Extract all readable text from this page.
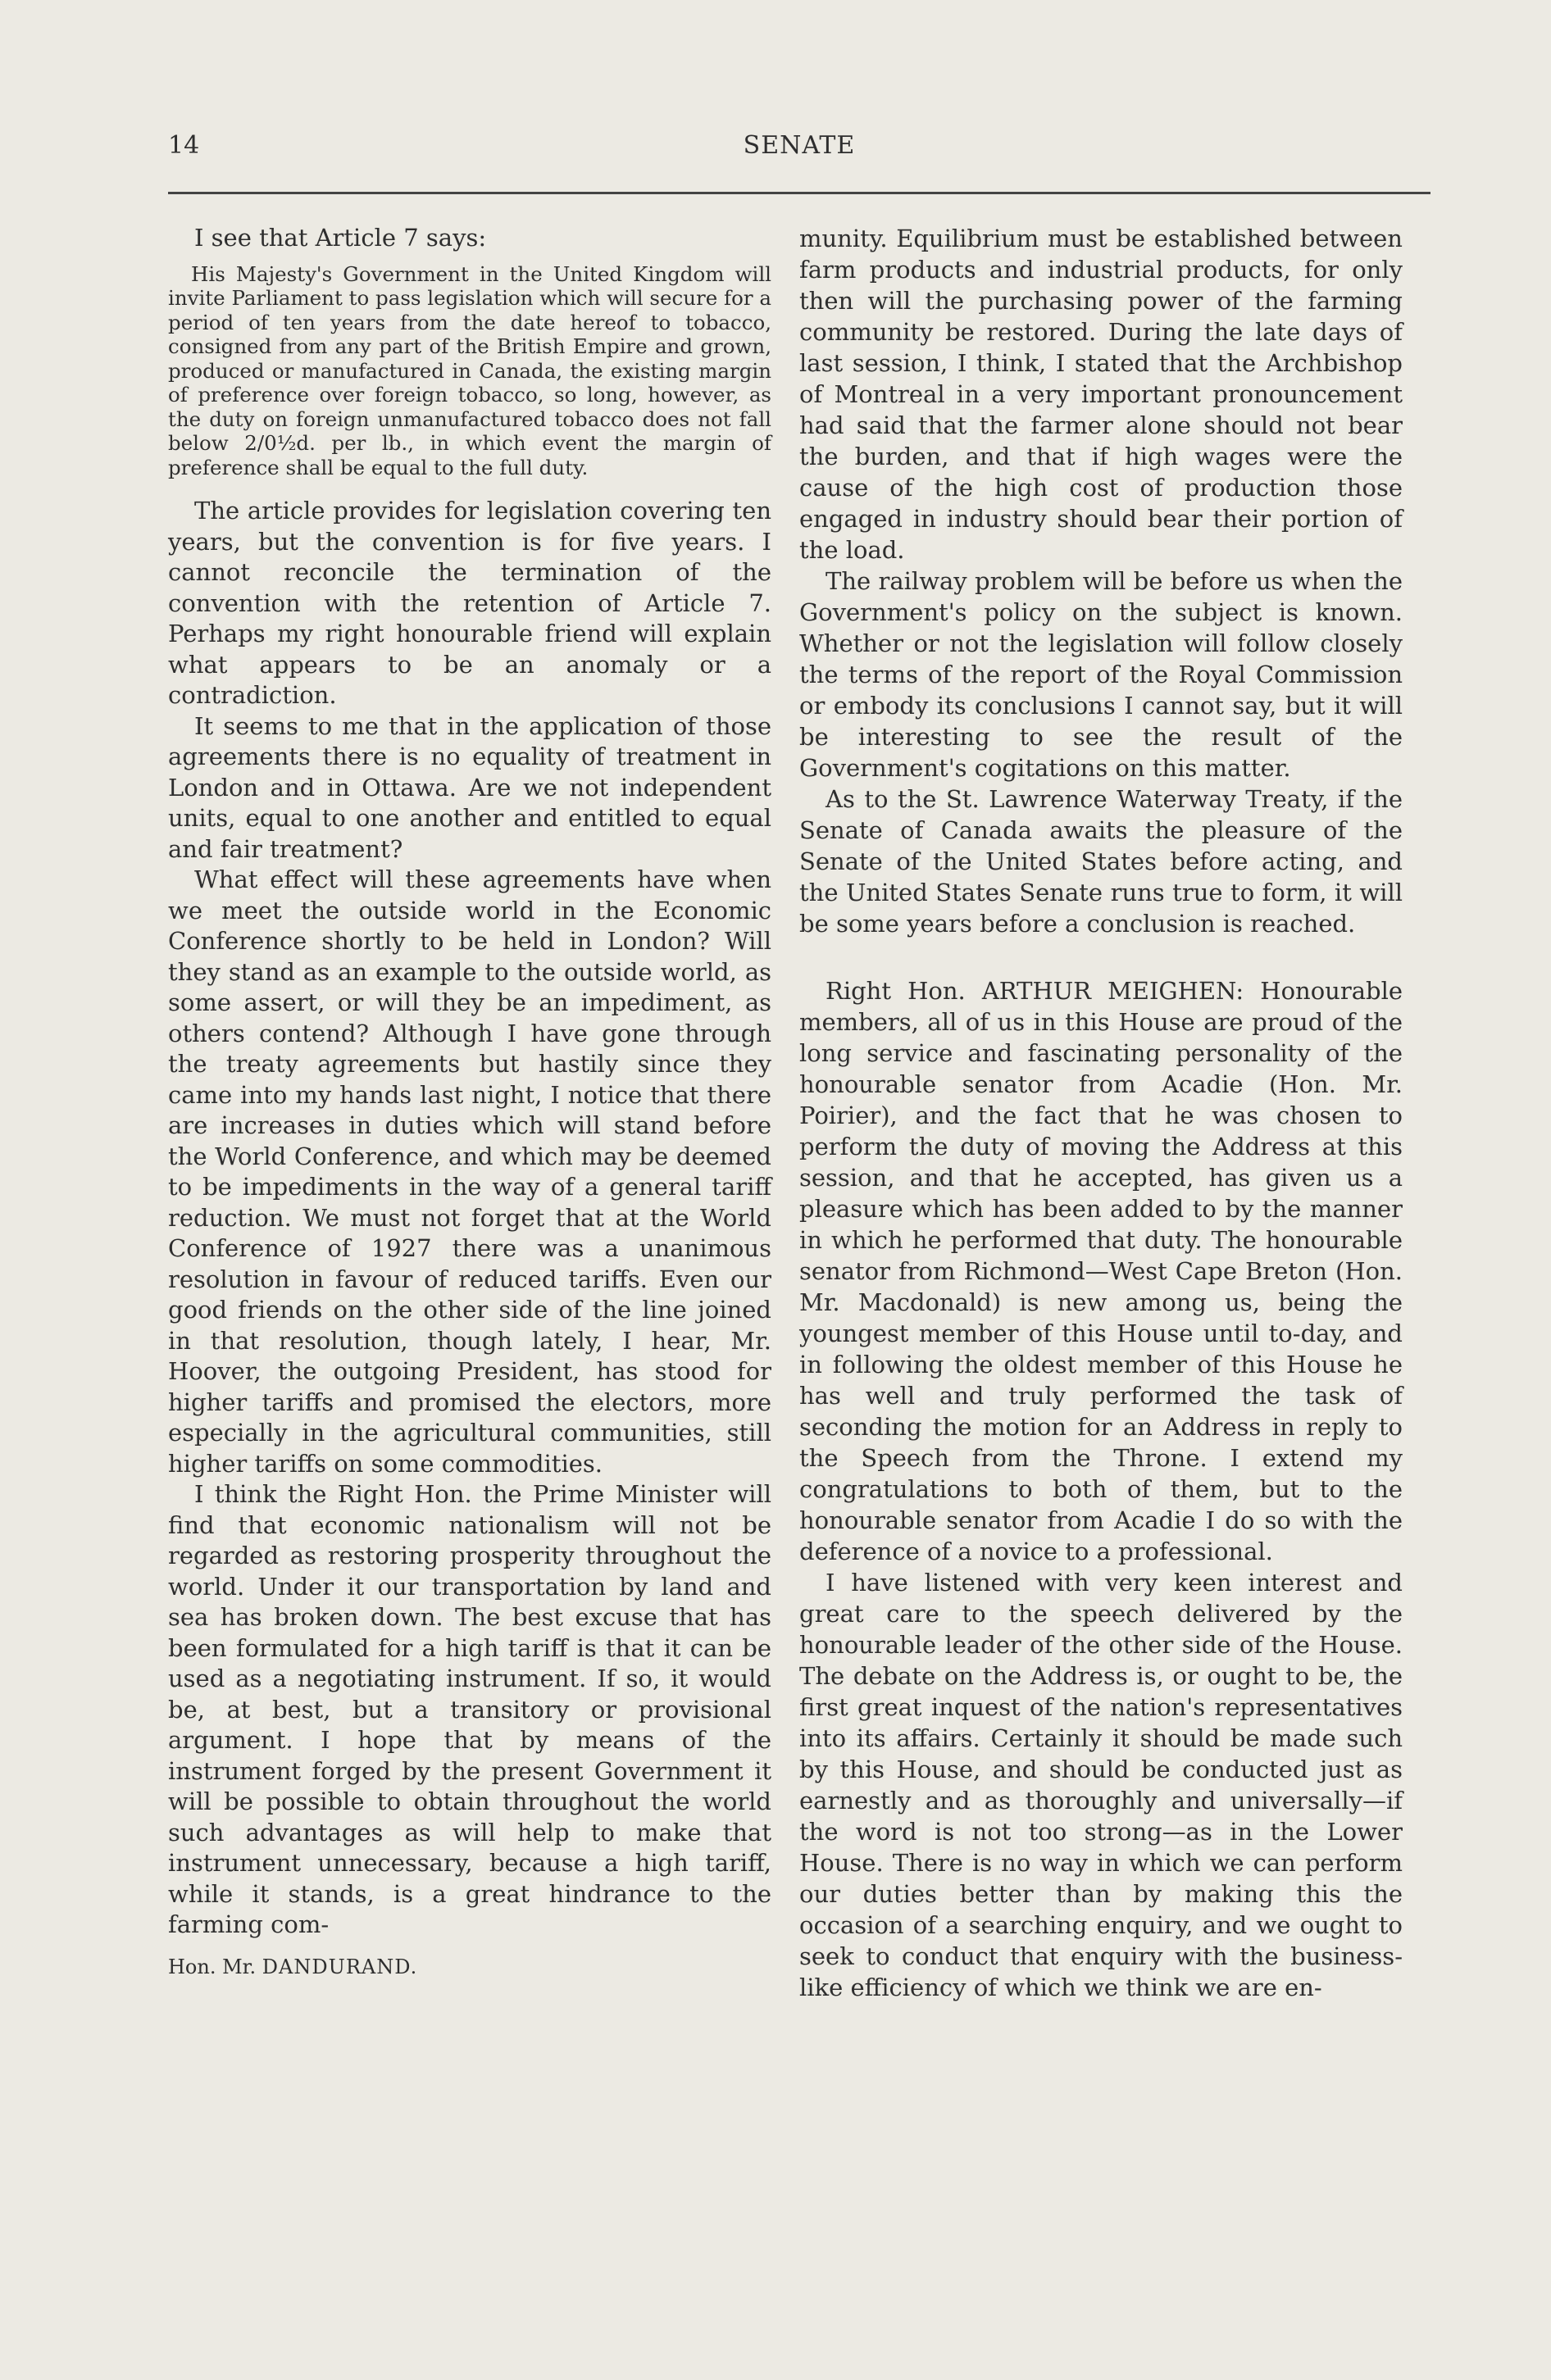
14	SENATE

I see that Article 7 says:

His Majesty's Government in the United Kingdom will invite Parliament to pass legislation which will secure for a period of ten years from the date hereof to tobacco, consigned from any part of the British Empire and grown, produced or manufactured in Canada, the existing margin of preference over foreign tobacco, so long, however, as the duty on foreign unmanufactured tobacco does not fall below 2/0½d. per lb., in which event the margin of preference shall be equal to the full duty.

The article provides for legislation covering ten years, but the convention is for five years. I cannot reconcile the termination of the convention with the retention of Article 7. Perhaps my right honourable friend will explain what appears to be an anomaly or a contradiction.

It seems to me that in the application of those agreements there is no equality of treatment in London and in Ottawa. Are we not independent units, equal to one another and entitled to equal and fair treatment?

What effect will these agreements have when we meet the outside world in the Economic Conference shortly to be held in London? Will they stand as an example to the outside world, as some assert, or will they be an impediment, as others contend? Although I have gone through the treaty agreements but hastily since they came into my hands last night, I notice that there are increases in duties which will stand before the World Conference, and which may be deemed to be impediments in the way of a general tariff reduction. We must not forget that at the World Conference of 1927 there was a unanimous resolution in favour of reduced tariffs. Even our good friends on the other side of the line joined in that resolution, though lately, I hear, Mr. Hoover, the outgoing President, has stood for higher tariffs and promised the electors, more especially in the agricultural communities, still higher tariffs on some commodities.

I think the Right Hon. the Prime Minister will find that economic nationalism will not be regarded as restoring prosperity throughout the world. Under it our transportation by land and sea has broken down. The best excuse that has been formulated for a high tariff is that it can be used as a negotiating instrument. If so, it would be, at best, but a transitory or provisional argument. I hope that by means of the instrument forged by the present Government it will be possible to obtain throughout the world such advantages as will help to make that instrument unnecessary, because a high tariff, while it stands, is a great hindrance to the farming com-

Hon. Mr. DANDURAND.

munity. Equilibrium must be established between farm products and industrial products, for only then will the purchasing power of the farming community be restored. During the late days of last session, I think, I stated that the Archbishop of Montreal in a very important pronouncement had said that the farmer alone should not bear the burden, and that if high wages were the cause of the high cost of production those engaged in industry should bear their portion of the load.

The railway problem will be before us when the Government's policy on the subject is known. Whether or not the legislation will follow closely the terms of the report of the Royal Commission or embody its conclusions I cannot say, but it will be interesting to see the result of the Government's cogitations on this matter.

As to the St. Lawrence Waterway Treaty, if the Senate of Canada awaits the pleasure of the Senate of the United States before acting, and the United States Senate runs true to form, it will be some years before a conclusion is reached.

Right Hon. ARTHUR MEIGHEN: Honourable members, all of us in this House are proud of the long service and fascinating personality of the honourable senator from Acadie (Hon. Mr. Poirier), and the fact that he was chosen to perform the duty of moving the Address at this session, and that he accepted, has given us a pleasure which has been added to by the manner in which he performed that duty. The honourable senator from Richmond—West Cape Breton (Hon. Mr. Macdonald) is new among us, being the youngest member of this House until to-day, and in following the oldest member of this House he has well and truly performed the task of seconding the motion for an Address in reply to the Speech from the Throne. I extend my congratulations to both of them, but to the honourable senator from Acadie I do so with the deference of a novice to a professional.

I have listened with very keen interest and great care to the speech delivered by the honourable leader of the other side of the House. The debate on the Address is, or ought to be, the first great inquest of the nation's representatives into its affairs. Certainly it should be made such by this House, and should be conducted just as earnestly and as thoroughly and universally—if the word is not too strong—as in the Lower House. There is no way in which we can perform our duties better than by making this the occasion of a searching enquiry, and we ought to seek to conduct that enquiry with the business-like efficiency of which we think we are en-
